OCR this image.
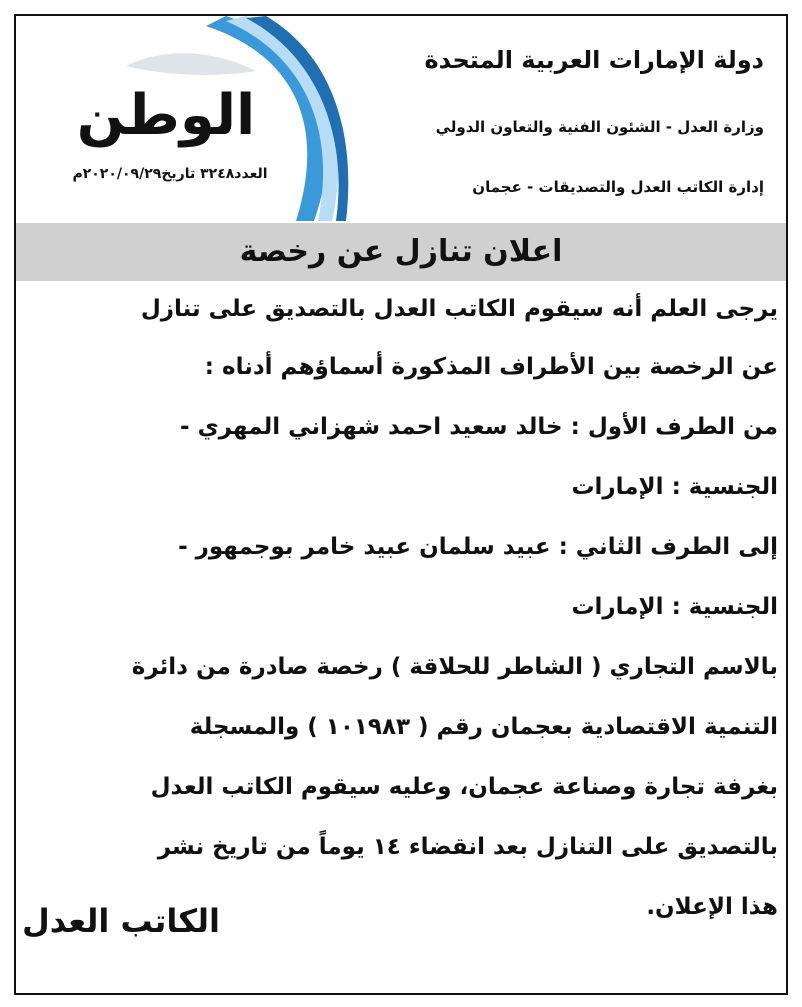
الوطن
العدد٣٢٤٨ تاريخ٢٠٢٠/٠٩/٢٩م
دولة الإمارات العربية المتحدة
وزارة العدل - الشئون الفنية والتعاون الدولي
إدارة الكاتب العدل والتصديقات - عجمان
اعلان تنازل عن رخصة
يرجى العلم أنه سيقوم الكاتب العدل بالتصديق على تنازل
عن الرخصة بين الأطراف المذكورة أسماؤهم أدناه :
من الطرف الأول : خالد سعيد احمد شهزاني المهري -
الجنسية : الإمارات
إلى الطرف الثاني : عبيد سلمان عبيد خامر بوجمهور -
الجنسية : الإمارات
بالاسم التجاري ( الشاطر للحلاقة ) رخصة صادرة من دائرة
التنمية الاقتصادية بعجمان رقم ( ١٠١٩٨٣ ) والمسجلة
بغرفة تجارة وصناعة عجمان، وعليه سيقوم الكاتب العدل
بالتصديق على التنازل بعد انقضاء ١٤ يوماً من تاريخ نشر
هذا الإعلان.
الكاتب العدل
